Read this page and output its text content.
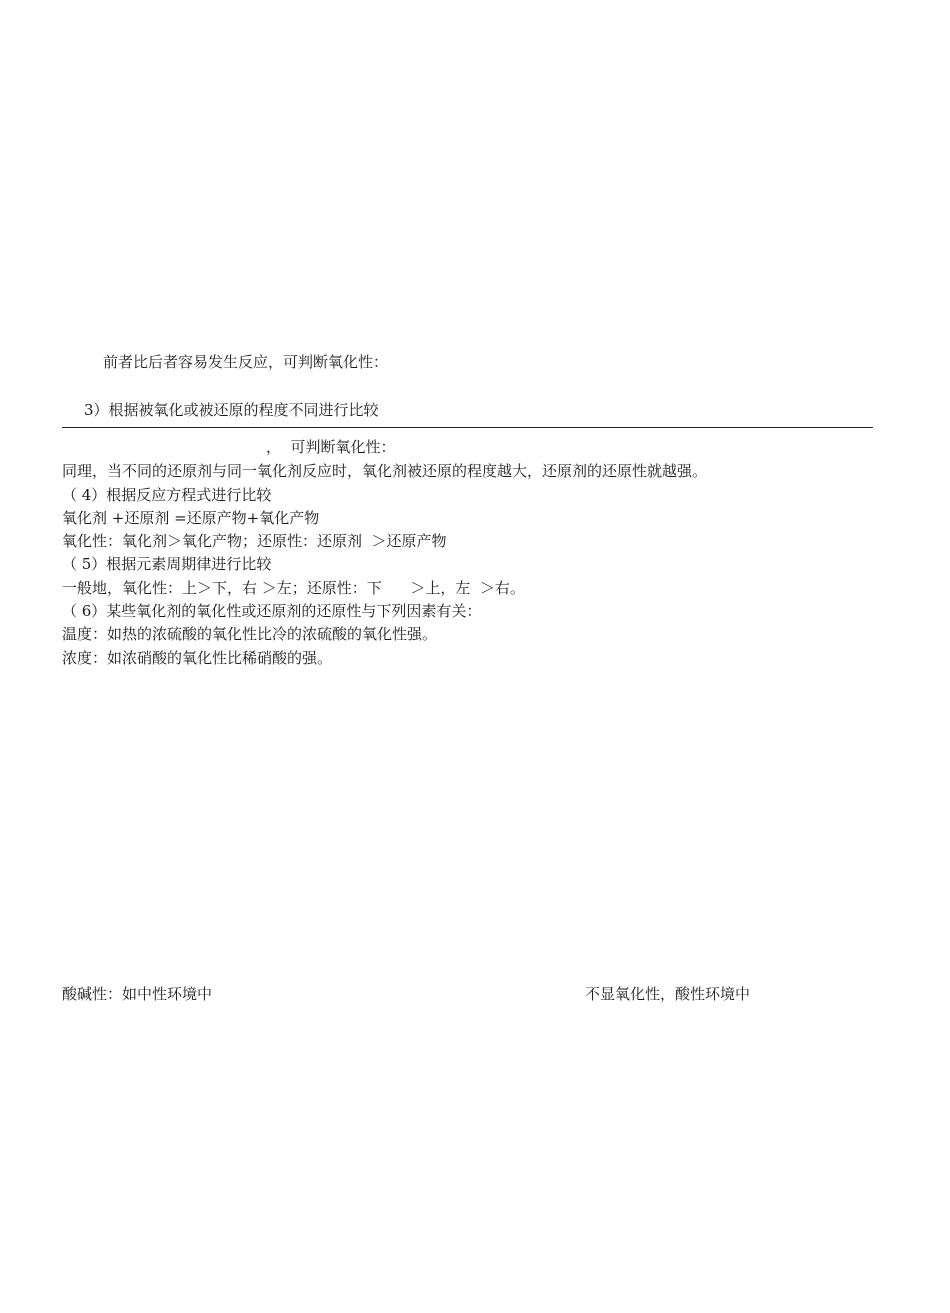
前者比后者容易发生反应，可判断氧化性：
3）根据被氧化或被还原的程度不同进行比较
，  可判断氧化性：
同理，当不同的还原剂与同一氧化剂反应时，氧化剂被还原的程度越大，还原剂的还原性就越强。
（ 4）根据反应方程式进行比较
氧化剂 +还原剂 =还原产物+氧化产物
氧化性：氧化剂＞氧化产物；还原性：还原剂  ＞还原产物
（ 5）根据元素周期律进行比较
一般地，氧化性：上＞下，右 ＞左；还原性：下      ＞上，左  ＞右。
（ 6）某些氧化剂的氧化性或还原剂的还原性与下列因素有关：
温度：如热的浓硫酸的氧化性比冷的浓硫酸的氧化性强。
浓度：如浓硝酸的氧化性比稀硝酸的强。
酸碱性：如中性环境中	不显氧化性，酸性环境中
